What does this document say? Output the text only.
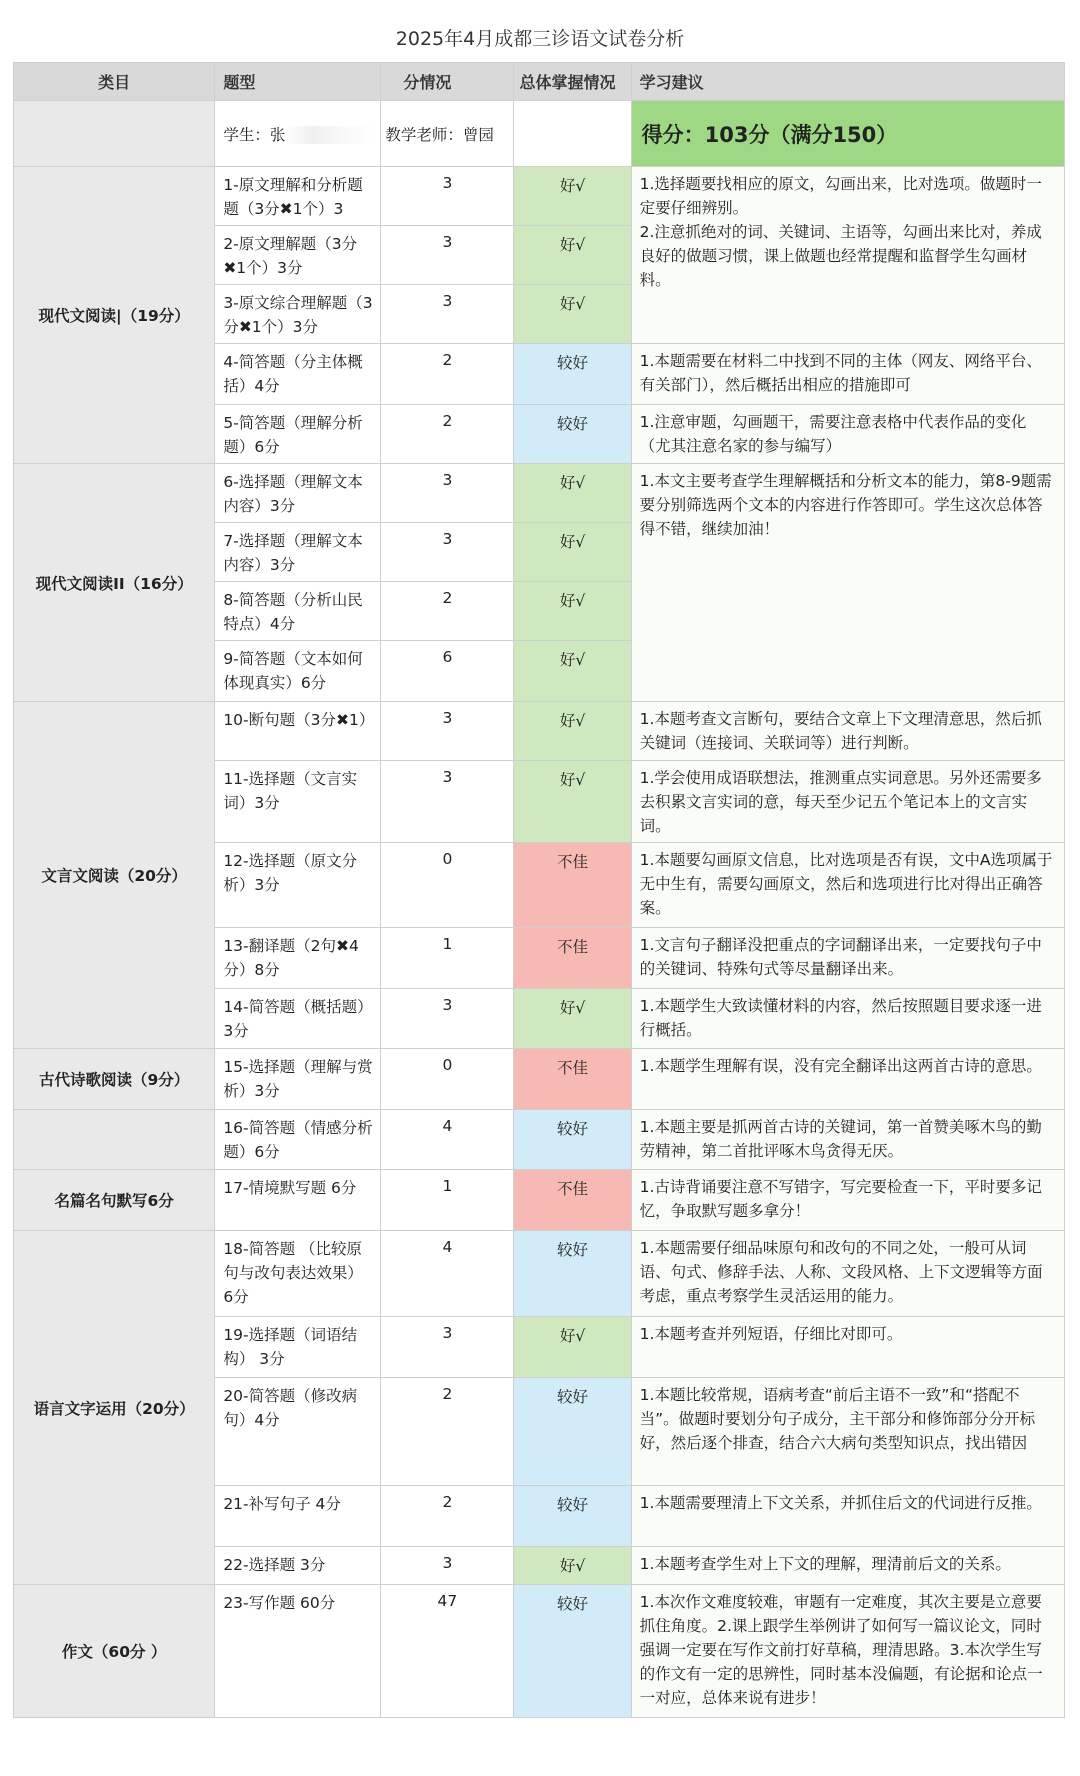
2025年4月成都三诊语文试卷分析
类目	题型	分情况	总体掌握情况	学习建议
	学生：张	教学老师：曾园		得分：103分（满分150）
现代文阅读|（19分）	1-原文理解和分析题题（3分✖1个）3	3	好√	1.选择题要找相应的原文，勾画出来，比对选项。做题时一定要仔细辨别。
2.注意抓绝对的词、关键词、主语等，勾画出来比对，养成良好的做题习惯，课上做题也经常提醒和监督学生勾画材料。
	2-原文理解题（3分✖1个）3分	3	好√	
	3-原文综合理解题（3分✖1个）3分	3	好√	
	4-简答题（分主体概括）4分	2	较好	1.本题需要在材料二中找到不同的主体（网友、网络平台、有关部门），然后概括出相应的措施即可
	5-简答题（理解分析题）6分	2	较好	1.注意审题，勾画题干，需要注意表格中代表作品的变化（尤其注意名家的参与编写）
现代文阅读II（16分）	6-选择题（理解文本内容）3分	3	好√	1.本文主要考查学生理解概括和分析文本的能力，第8-9题需要分别筛选两个文本的内容进行作答即可。学生这次总体答得不错，继续加油！
	7-选择题（理解文本内容）3分	3	好√	
	8-简答题（分析山民特点）4分	2	好√	
	9-简答题（文本如何体现真实）6分	6	好√	
文言文阅读（20分）	10-断句题（3分✖1）	3	好√	1.本题考查文言断句，要结合文章上下文理清意思，然后抓关键词（连接词、关联词等）进行判断。
	11-选择题（文言实词）3分	3	好√	1.学会使用成语联想法，推测重点实词意思。另外还需要多去积累文言实词的意，每天至少记五个笔记本上的文言实词。
	12-选择题（原文分析）3分	0	不佳	1.本题要勾画原文信息，比对选项是否有误，文中A选项属于无中生有，需要勾画原文，然后和选项进行比对得出正确答案。
	13-翻译题（2句✖4分）8分	1	不佳	1.文言句子翻译没把重点的字词翻译出来，一定要找句子中的关键词、特殊句式等尽量翻译出来。
	14-简答题（概括题）3分	3	好√	1.本题学生大致读懂材料的内容，然后按照题目要求逐一进行概括。
古代诗歌阅读（9分）	15-选择题（理解与赏析）3分	0	不佳	1.本题学生理解有误，没有完全翻译出这两首古诗的意思。
	16-简答题（情感分析题）6分	4	较好	1.本题主要是抓两首古诗的关键词，第一首赞美啄木鸟的勤劳精神，第二首批评啄木鸟贪得无厌。
名篇名句默写6分	17-情境默写题 6分	1	不佳	1.古诗背诵要注意不写错字，写完要检查一下，平时要多记忆，争取默写题多拿分！
语言文字运用（20分）	18-简答题 （比较原句与改句表达效果） 6分	4	较好	1.本题需要仔细品味原句和改句的不同之处，一般可从词语、句式、修辞手法、人称、文段风格、上下文逻辑等方面考虑，重点考察学生灵活运用的能力。
	19-选择题（词语结构） 3分	3	好√	1.本题考查并列短语，仔细比对即可。
	20-简答题（修改病句）4分	2	较好	1.本题比较常规，语病考查“前后主语不一致”和“搭配不当”。做题时要划分句子成分，主干部分和修饰部分分开标好，然后逐个排查，结合六大病句类型知识点，找出错因
	21-补写句子 4分	2	较好	1.本题需要理清上下文关系，并抓住后文的代词进行反推。
	22-选择题 3分	3	好√	1.本题考查学生对上下文的理解，理清前后文的关系。
作文（60分 ）	23-写作题 60分	47	较好	1.本次作文难度较难，审题有一定难度，其次主要是立意要抓住角度。2.课上跟学生举例讲了如何写一篇议论文，同时强调一定要在写作文前打好草稿，理清思路。3.本次学生写的作文有一定的思辨性，同时基本没偏题，有论据和论点一一对应，总体来说有进步！
